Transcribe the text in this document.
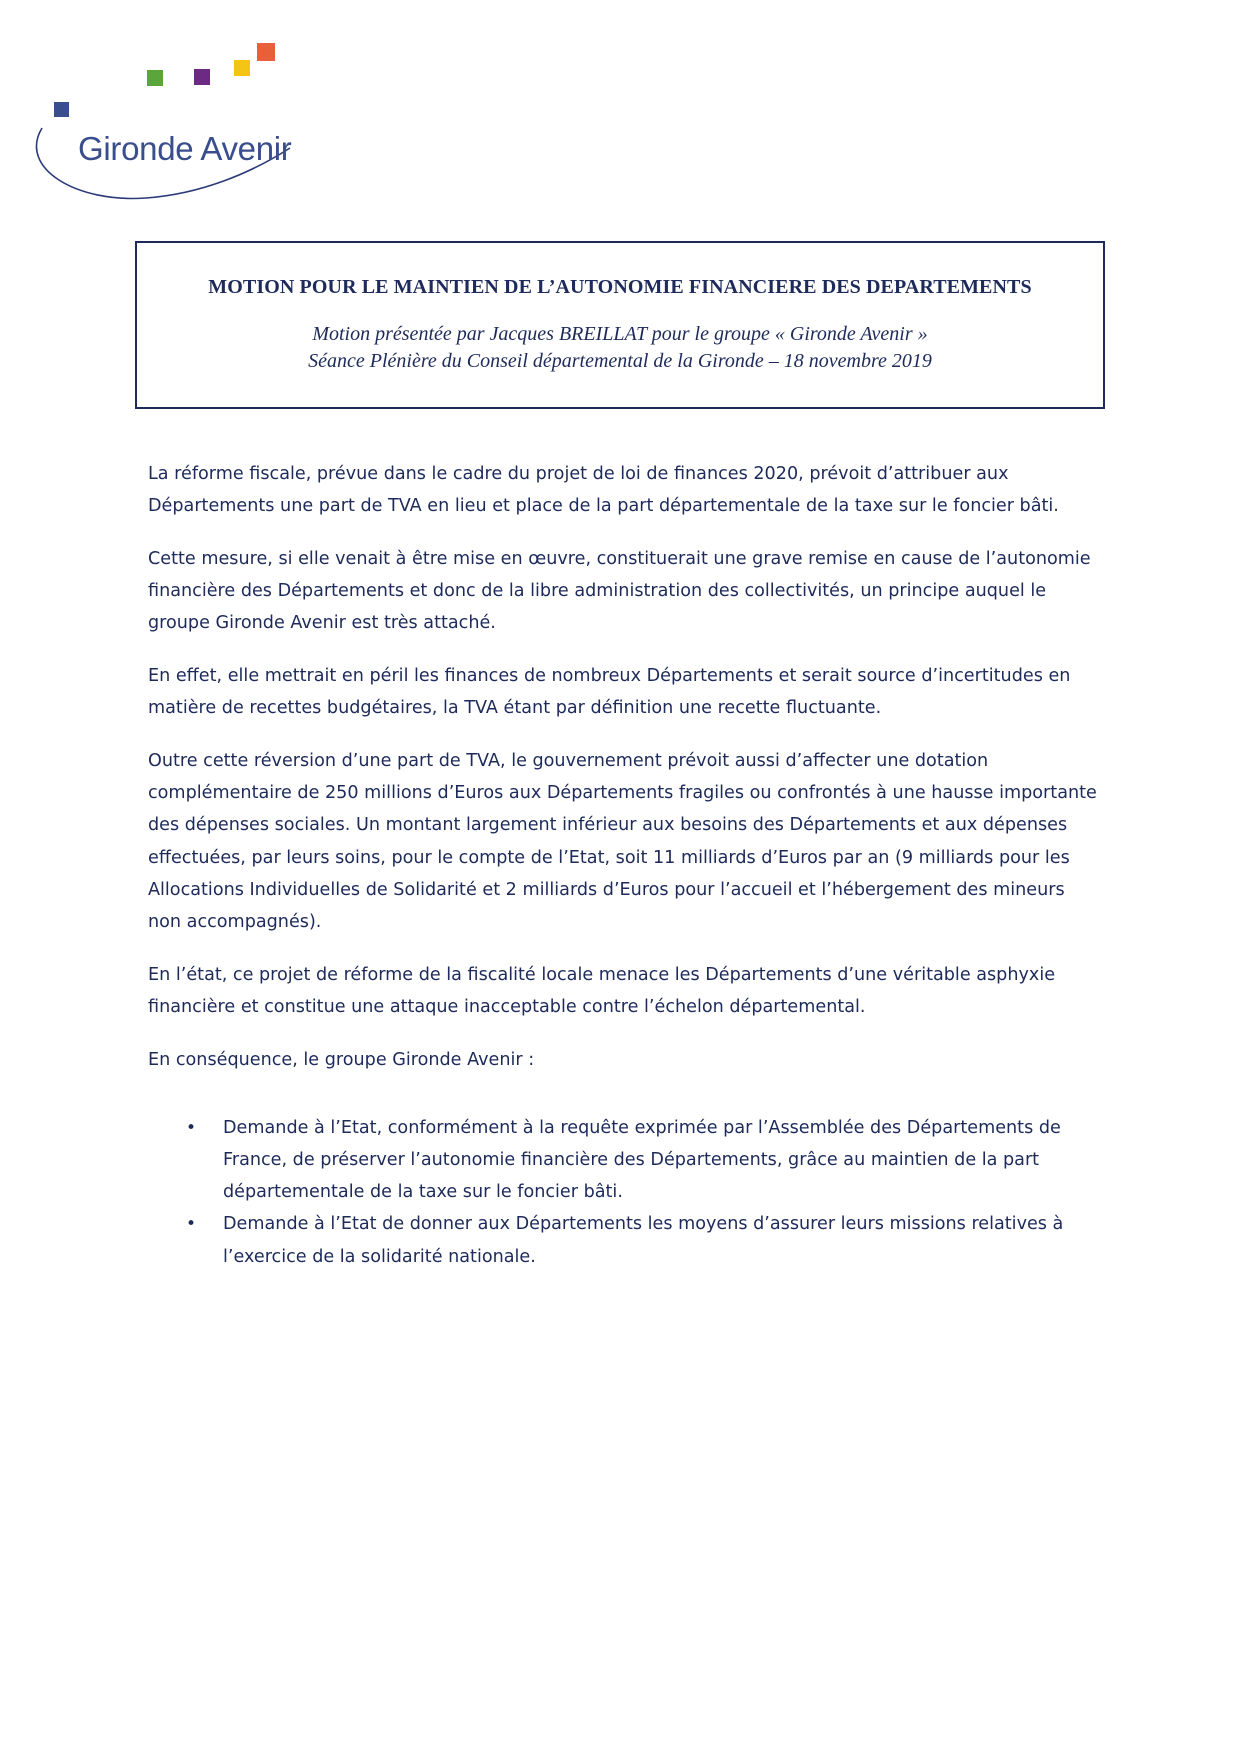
Gironde Avenir
MOTION POUR LE MAINTIEN DE L’AUTONOMIE FINANCIERE DES DEPARTEMENTS
Motion présentée par Jacques BREILLAT pour le groupe « Gironde Avenir »
Séance Plénière du Conseil départemental de la Gironde – 18 novembre 2019

La réforme fiscale, prévue dans le cadre du projet de loi de finances 2020, prévoit d’attribuer aux Départements une part de TVA en lieu et place de la part départementale de la taxe sur le foncier bâti.

Cette mesure, si elle venait à être mise en œuvre, constituerait une grave remise en cause de l’autonomie financière des Départements et donc de la libre administration des collectivités, un principe auquel le groupe Gironde Avenir est très attaché.

En effet, elle mettrait en péril les finances de nombreux Départements et serait source d’incertitudes en matière de recettes budgétaires, la TVA étant par définition une recette fluctuante.

Outre cette réversion d’une part de TVA, le gouvernement prévoit aussi d’affecter une dotation complémentaire de 250 millions d’Euros aux Départements fragiles ou confrontés à une hausse importante des dépenses sociales. Un montant largement inférieur aux besoins des Départements et aux dépenses effectuées, par leurs soins, pour le compte de l’Etat, soit 11 milliards d’Euros par an (9 milliards pour les Allocations Individuelles de Solidarité et 2 milliards d’Euros pour l’accueil et l’hébergement des mineurs non accompagnés).

En l’état, ce projet de réforme de la fiscalité locale menace les Départements d’une véritable asphyxie financière et constitue une attaque inacceptable contre l’échelon départemental.

En conséquence, le groupe Gironde Avenir :

• Demande à l’Etat, conformément à la requête exprimée par l’Assemblée des Départements de France, de préserver l’autonomie financière des Départements, grâce au maintien de la part départementale de la taxe sur le foncier bâti.
• Demande à l’Etat de donner aux Départements les moyens d’assurer leurs missions relatives à l’exercice de la solidarité nationale.
